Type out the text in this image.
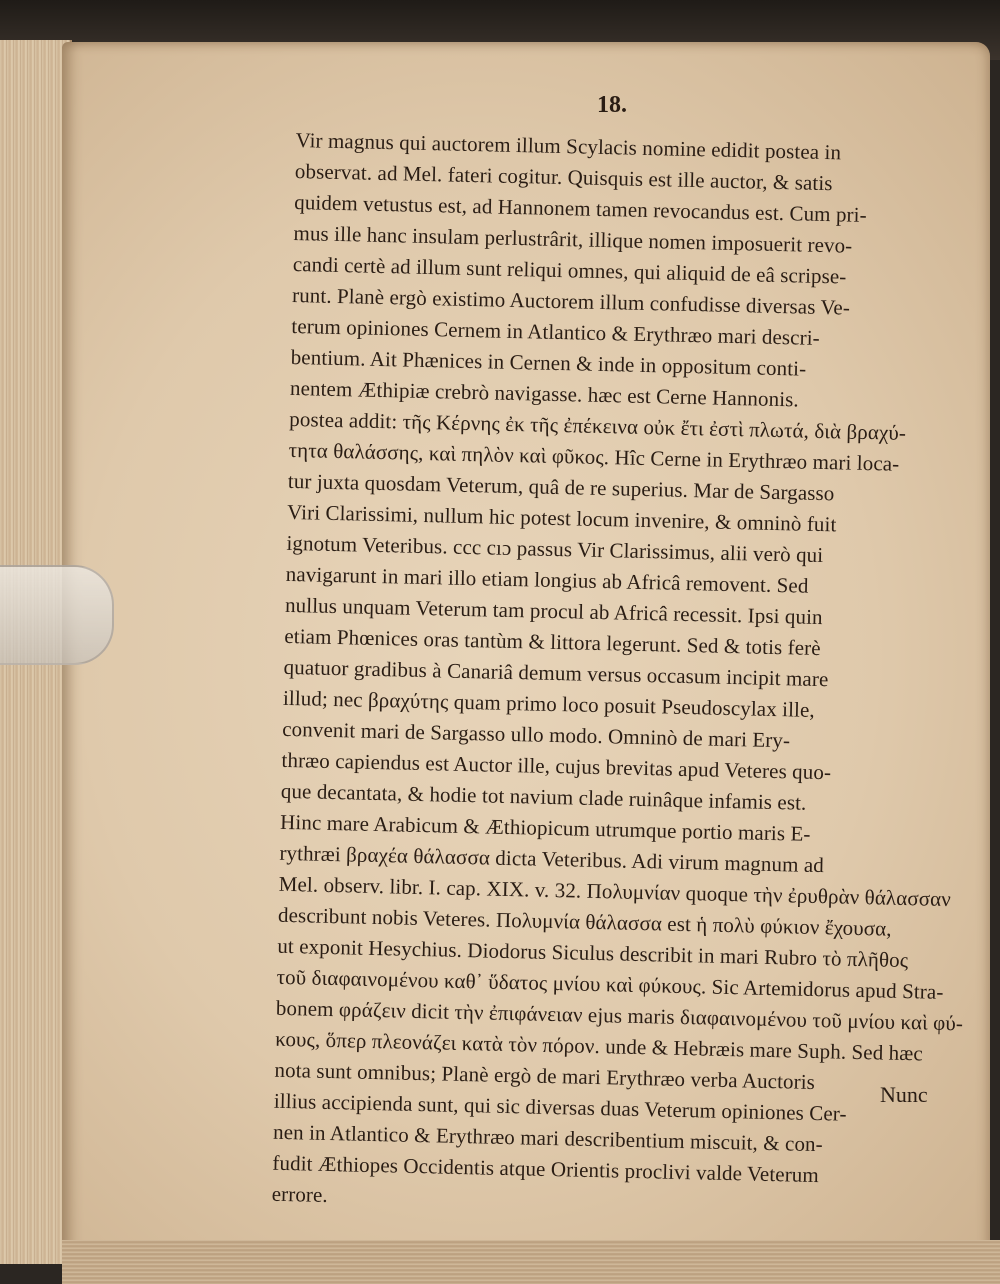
18.
Vir magnus qui auctorem illum Scylacis nomine edidit postea in
observat. ad Mel. fateri cogitur. Quisquis est ille auctor, & satis
quidem vetustus est, ad Hannonem tamen revocandus est. Cum pri-
mus ille hanc insulam perlustrârit, illique nomen imposuerit revo-
candi certè ad illum sunt reliqui omnes, qui aliquid de eâ scripse-
runt. Planè ergò existimo Auctorem illum confudisse diversas Ve-
terum opiniones Cernem in Atlantico & Erythræo mari descri-
bentium. Ait Phænices in Cernen & inde in oppositum conti-
nentem Æthipiæ crebrò navigasse. hæc est Cerne Hannonis.
postea addit: τῆς Κέρνης ἐκ τῆς ἐπέκεινα οὐκ ἔτι ἐστὶ πλωτά, διὰ βραχύ-
τητα θαλάσσης, καὶ πηλὸν καὶ φῦκος. Hîc Cerne in Erythræo mari loca-
tur juxta quosdam Veterum, quâ de re superius. Mar de Sargasso
Viri Clarissimi, nullum hic potest locum invenire, & omninò fuit
ignotum Veteribus. ccc cıɔ passus Vir Clarissimus, alii verò qui
navigarunt in mari illo etiam longius ab Africâ removent. Sed
nullus unquam Veterum tam procul ab Africâ recessit. Ipsi quin
etiam Phœnices oras tantùm & littora legerunt. Sed & totis ferè
quatuor gradibus à Canariâ demum versus occasum incipit mare
illud; nec βραχύτης quam primo loco posuit Pseudoscylax ille,
convenit mari de Sargasso ullo modo. Omninò de mari Ery-
thræo capiendus est Auctor ille, cujus brevitas apud Veteres quo-
que decantata, & hodie tot navium clade ruinâque infamis est.
Hinc mare Arabicum & Æthiopicum utrumque portio maris E-
rythræi βραχέα θάλασσα dicta Veteribus. Adi virum magnum ad
Mel. observ. libr. I. cap. XIX. v. 32. Πολυμνίαν quoque τὴν ἐρυθρὰν θάλασσαν
describunt nobis Veteres. Πολυμνία θάλασσα est ἡ πολὺ φύκιον ἔχουσα,
ut exponit Hesychius. Diodorus Siculus describit in mari Rubro τὸ πλῆθος
τοῦ διαφαινομένου καθ᾽ ὕδατος μνίου καὶ φύκους. Sic Artemidorus apud Stra-
bonem φράζειν dicit τὴν ἐπιφάνειαν ejus maris διαφαινομένου τοῦ μνίου καὶ φύ-
κους, ὅπερ πλεονάζει κατὰ τὸν πόρον. unde & Hebræis mare Suph. Sed hæc
nota sunt omnibus; Planè ergò de mari Erythræo verba Auctoris
illius accipienda sunt, qui sic diversas duas Veterum opiniones Cer-
nen in Atlantico & Erythræo mari describentium miscuit, & con-
fudit Æthiopes Occidentis atque Orientis proclivi valde Veterum
errore.
Nunc
